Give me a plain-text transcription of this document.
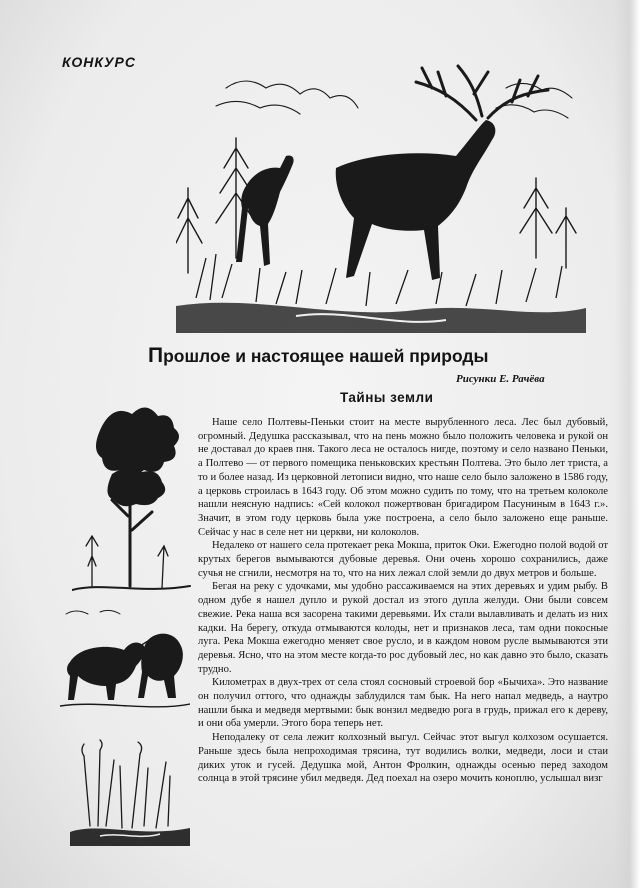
КОНКУРС
Прошлое и настоящее нашей природы
Рисунки Е. Рачёва
Тайны земли

Наше село Полтевы-Пеньки стоит на месте вырубленного леса. Лес был дубовый, огромный. Дедушка рассказывал, что на пень можно было положить человека и рукой он не доставал до краев пня. Такого леса не осталось нигде, поэтому и село названо Пеньки, а Полтево — от первого помещика пеньковских крестьян Полтева. Это было лет триста, а то и более назад. Из церковной летописи видно, что наше село было заложено в 1586 году, а церковь строилась в 1643 году. Об этом можно судить по тому, что на третьем колоколе нашли неясную надпись: «Сей колокол пожертвован бригадиром Пасуниным в 1643 г.». Значит, в этом году церковь была уже построена, а село было заложено еще раньше. Сейчас у нас в селе нет ни церкви, ни колоколов.

Недалеко от нашего села протекает река Мокша, приток Оки. Ежегодно полой водой от крутых берегов вымываются дубовые деревья. Они очень хорошо сохранились, даже сучья не сгнили, несмотря на то, что на них лежал слой земли до двух метров и больше.

Бегая на реку с удочками, мы удобно рассаживаемся на этих деревьях и удим рыбу. В одном дубе я нашел дупло и рукой достал из этого дупла желуди. Они были совсем свежие. Река наша вся засорена такими деревьями. Их стали вылавливать и делать из них кадки. На берегу, откуда отмываются колоды, нет и признаков леса, там одни покосные луга. Река Мокша ежегодно меняет свое русло, и в каждом новом русле вымываются эти деревья. Ясно, что на этом месте когда-то рос дубовый лес, но как давно это было, сказать трудно.

Километрах в двух-трех от села стоял сосновый строевой бор «Бычиха». Это название он получил оттого, что однажды заблудился там бык. На него напал медведь, а наутро нашли быка и медведя мертвыми: бык вонзил медведю рога в грудь, прижал его к дереву, и они оба умерли. Этого бора теперь нет.

Неподалеку от села лежит колхозный выгул. Сейчас этот выгул колхозом осушается. Раньше здесь была непроходимая трясина, тут водились волки, медведи, лоси и стаи диких уток и гусей. Дедушка мой, Антон Фролкин, однажды осенью перед заходом солнца в этой трясине убил медведя. Дед поехал на озеро мочить коноплю, услышал визг
